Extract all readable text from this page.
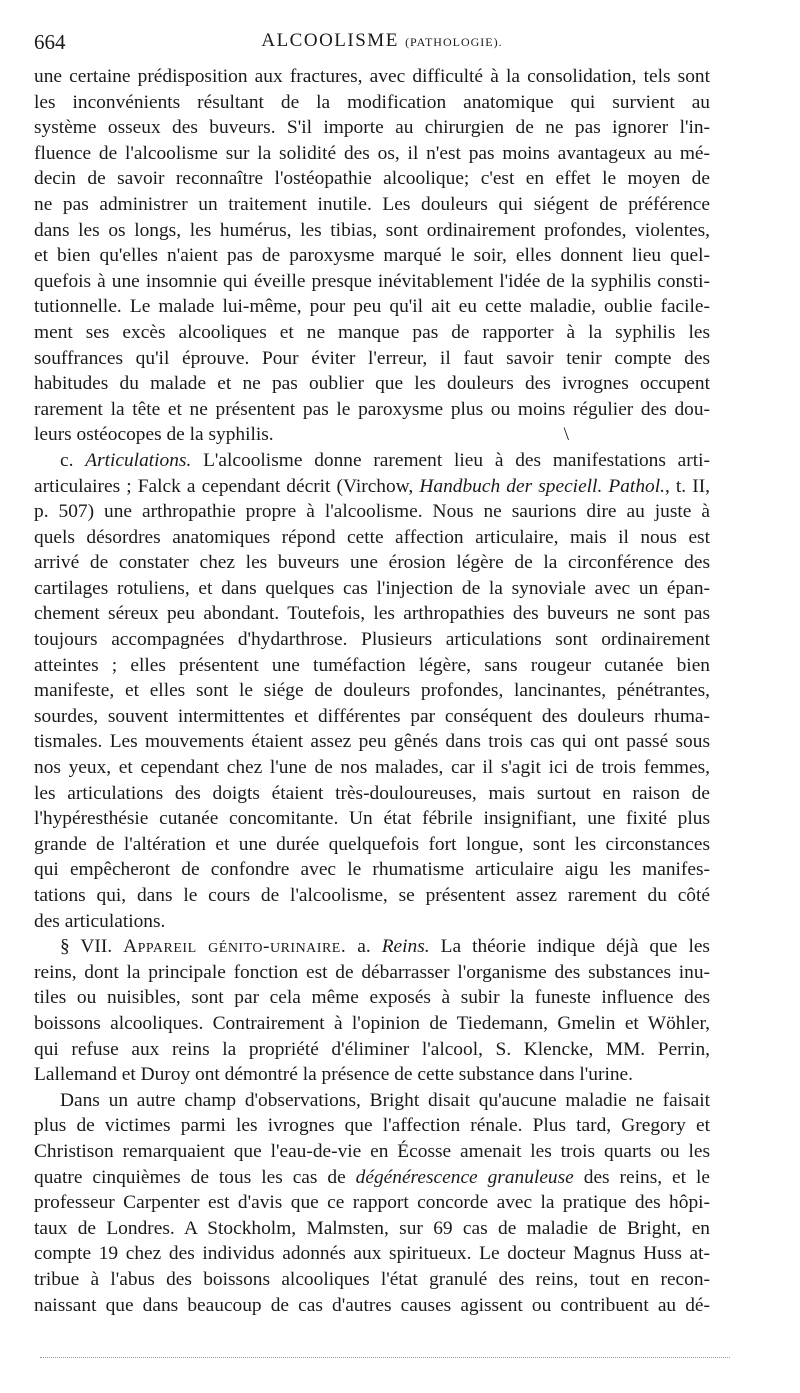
664	ALCOOLISME (PATHOLOGIE).
une certaine prédisposition aux fractures, avec difficulté à la consolidation, tels sont
les inconvénients résultant de la modification anatomique qui survient au
système osseux des buveurs. S'il importe au chirurgien de ne pas ignorer l'in-
fluence de l'alcoolisme sur la solidité des os, il n'est pas moins avantageux au mé-
decin de savoir reconnaître l'ostéopathie alcoolique; c'est en effet le moyen de
ne pas administrer un traitement inutile. Les douleurs qui siégent de préférence
dans les os longs, les humérus, les tibias, sont ordinairement profondes, violentes,
et bien qu'elles n'aient pas de paroxysme marqué le soir, elles donnent lieu quel-
quefois à une insomnie qui éveille presque inévitablement l'idée de la syphilis consti-
tutionnelle. Le malade lui-même, pour peu qu'il ait eu cette maladie, oublie facile-
ment ses excès alcooliques et ne manque pas de rapporter à la syphilis les
souffrances qu'il éprouve. Pour éviter l'erreur, il faut savoir tenir compte des
habitudes du malade et ne pas oublier que les douleurs des ivrognes occupent
rarement la tête et ne présentent pas le paroxysme plus ou moins régulier des dou-
leurs ostéocopes de la syphilis.	\
c. Articulations. L'alcoolisme donne rarement lieu à des manifestations arti-
articulaires ; Falck a cependant décrit (Virchow, Handbuch der speciell. Pathol., t. II,
p. 507) une arthropathie propre à l'alcoolisme. Nous ne saurions dire au juste à
quels désordres anatomiques répond cette affection articulaire, mais il nous est
arrivé de constater chez les buveurs une érosion légère de la circonférence des
cartilages rotuliens, et dans quelques cas l'injection de la synoviale avec un épan-
chement séreux peu abondant. Toutefois, les arthropathies des buveurs ne sont pas
toujours accompagnées d'hydarthrose. Plusieurs articulations sont ordinairement
atteintes ; elles présentent une tuméfaction légère, sans rougeur cutanée bien
manifeste, et elles sont le siége de douleurs profondes, lancinantes, pénétrantes,
sourdes, souvent intermittentes et différentes par conséquent des douleurs rhuma-
tismales. Les mouvements étaient assez peu gênés dans trois cas qui ont passé sous
nos yeux, et cependant chez l'une de nos malades, car il s'agit ici de trois femmes,
les articulations des doigts étaient très-douloureuses, mais surtout en raison de
l'hypéresthésie cutanée concomitante. Un état fébrile insignifiant, une fixité plus
grande de l'altération et une durée quelquefois fort longue, sont les circonstances
qui empêcheront de confondre avec le rhumatisme articulaire aigu les manifes-
tations qui, dans le cours de l'alcoolisme, se présentent assez rarement du côté
des articulations.
§ VII. Appareil génito-urinaire. a. Reins. La théorie indique déjà que les
reins, dont la principale fonction est de débarrasser l'organisme des substances inu-
tiles ou nuisibles, sont par cela même exposés à subir la funeste influence des
boissons alcooliques. Contrairement à l'opinion de Tiedemann, Gmelin et Wöhler,
qui refuse aux reins la propriété d'éliminer l'alcool, S. Klencke, MM. Perrin,
Lallemand et Duroy ont démontré la présence de cette substance dans l'urine.
Dans un autre champ d'observations, Bright disait qu'aucune maladie ne faisait
plus de victimes parmi les ivrognes que l'affection rénale. Plus tard, Gregory et
Christison remarquaient que l'eau-de-vie en Écosse amenait les trois quarts ou les
quatre cinquièmes de tous les cas de dégénérescence granuleuse des reins, et le
professeur Carpenter est d'avis que ce rapport concorde avec la pratique des hôpi-
taux de Londres. A Stockholm, Malmsten, sur 69 cas de maladie de Bright, en
compte 19 chez des individus adonnés aux spiritueux. Le docteur Magnus Huss at-
tribue à l'abus des boissons alcooliques l'état granulé des reins, tout en recon-
naissant que dans beaucoup de cas d'autres causes agissent ou contribuent au dé-
